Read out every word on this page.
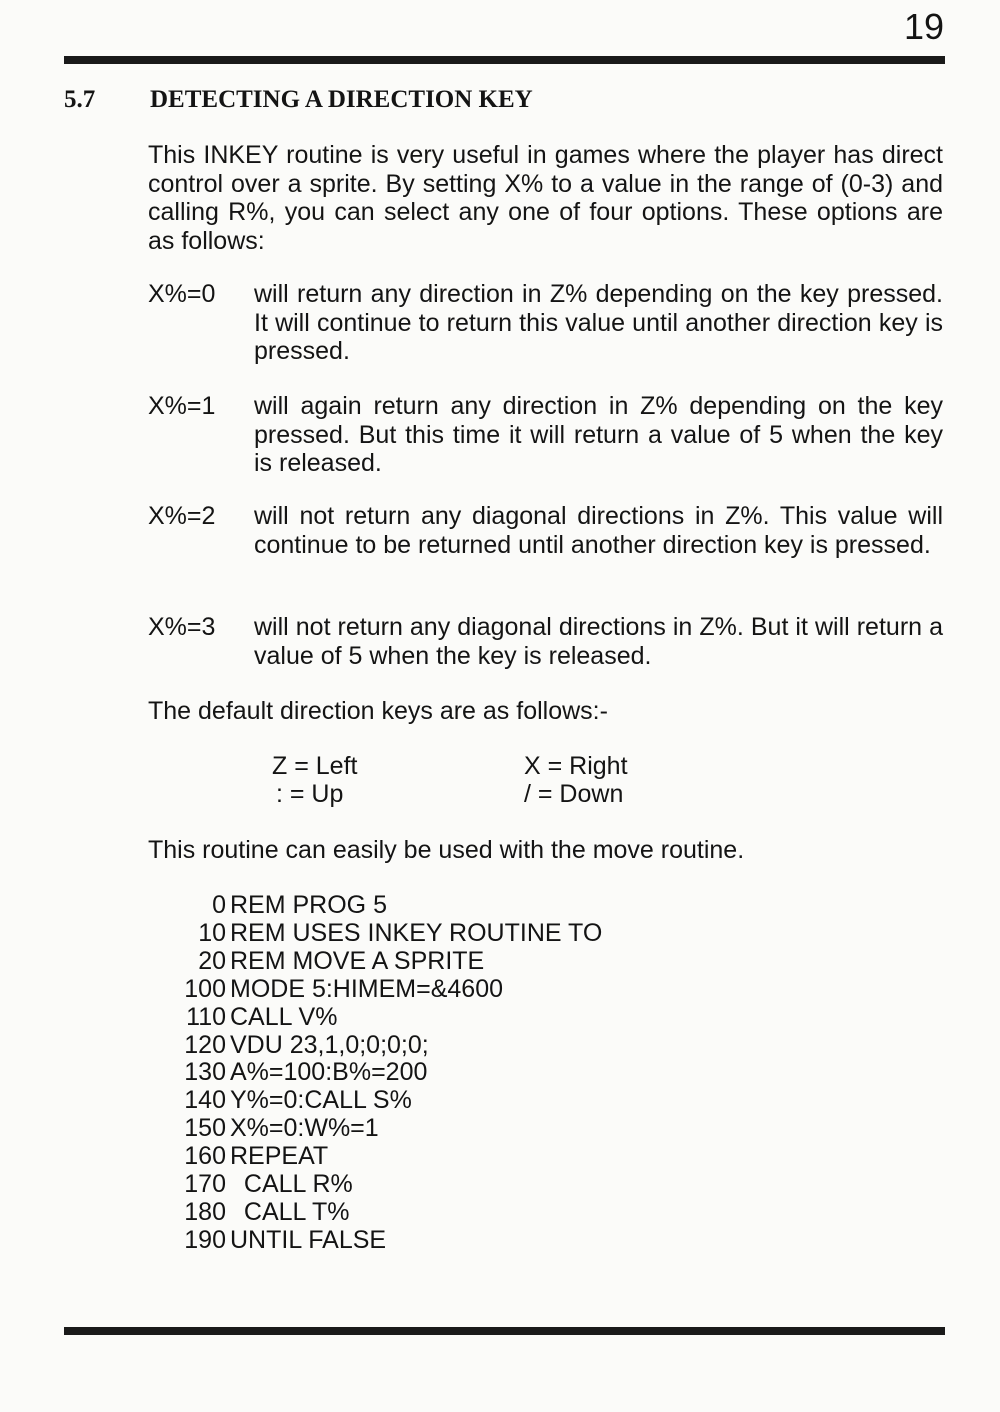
19
5.7 DETECTING A DIRECTION KEY
This INKEY routine is very useful in games where the player has direct control over a sprite. By setting X% to a value in the range of (0-3) and calling R%, you can select any one of four options. These options are as follows:
X%=0 will return any direction in Z% depending on the key pressed. It will continue to return this value until another direction key is pressed.
X%=1 will again return any direction in Z% depending on the key pressed. But this time it will return a value of 5 when the key is released.
X%=2 will not return any diagonal directions in Z%. This value will continue to be returned until another direction key is pressed.
X%=3 will not return any diagonal directions in Z%. But it will return a value of 5 when the key is released.
The default direction keys are as follows:-
Z = Left	X = Right
: = Up	/ = Down
This routine can easily be used with the move routine.
0 REM PROG 5
10 REM USES INKEY ROUTINE TO
20 REM MOVE A SPRITE
100 MODE 5:HIMEM=&4600
110 CALL V%
120 VDU 23,1,0;0;0;0;
130 A%=100:B%=200
140 Y%=0:CALL S%
150 X%=0:W%=1
160 REPEAT
170 CALL R%
180 CALL T%
190 UNTIL FALSE
